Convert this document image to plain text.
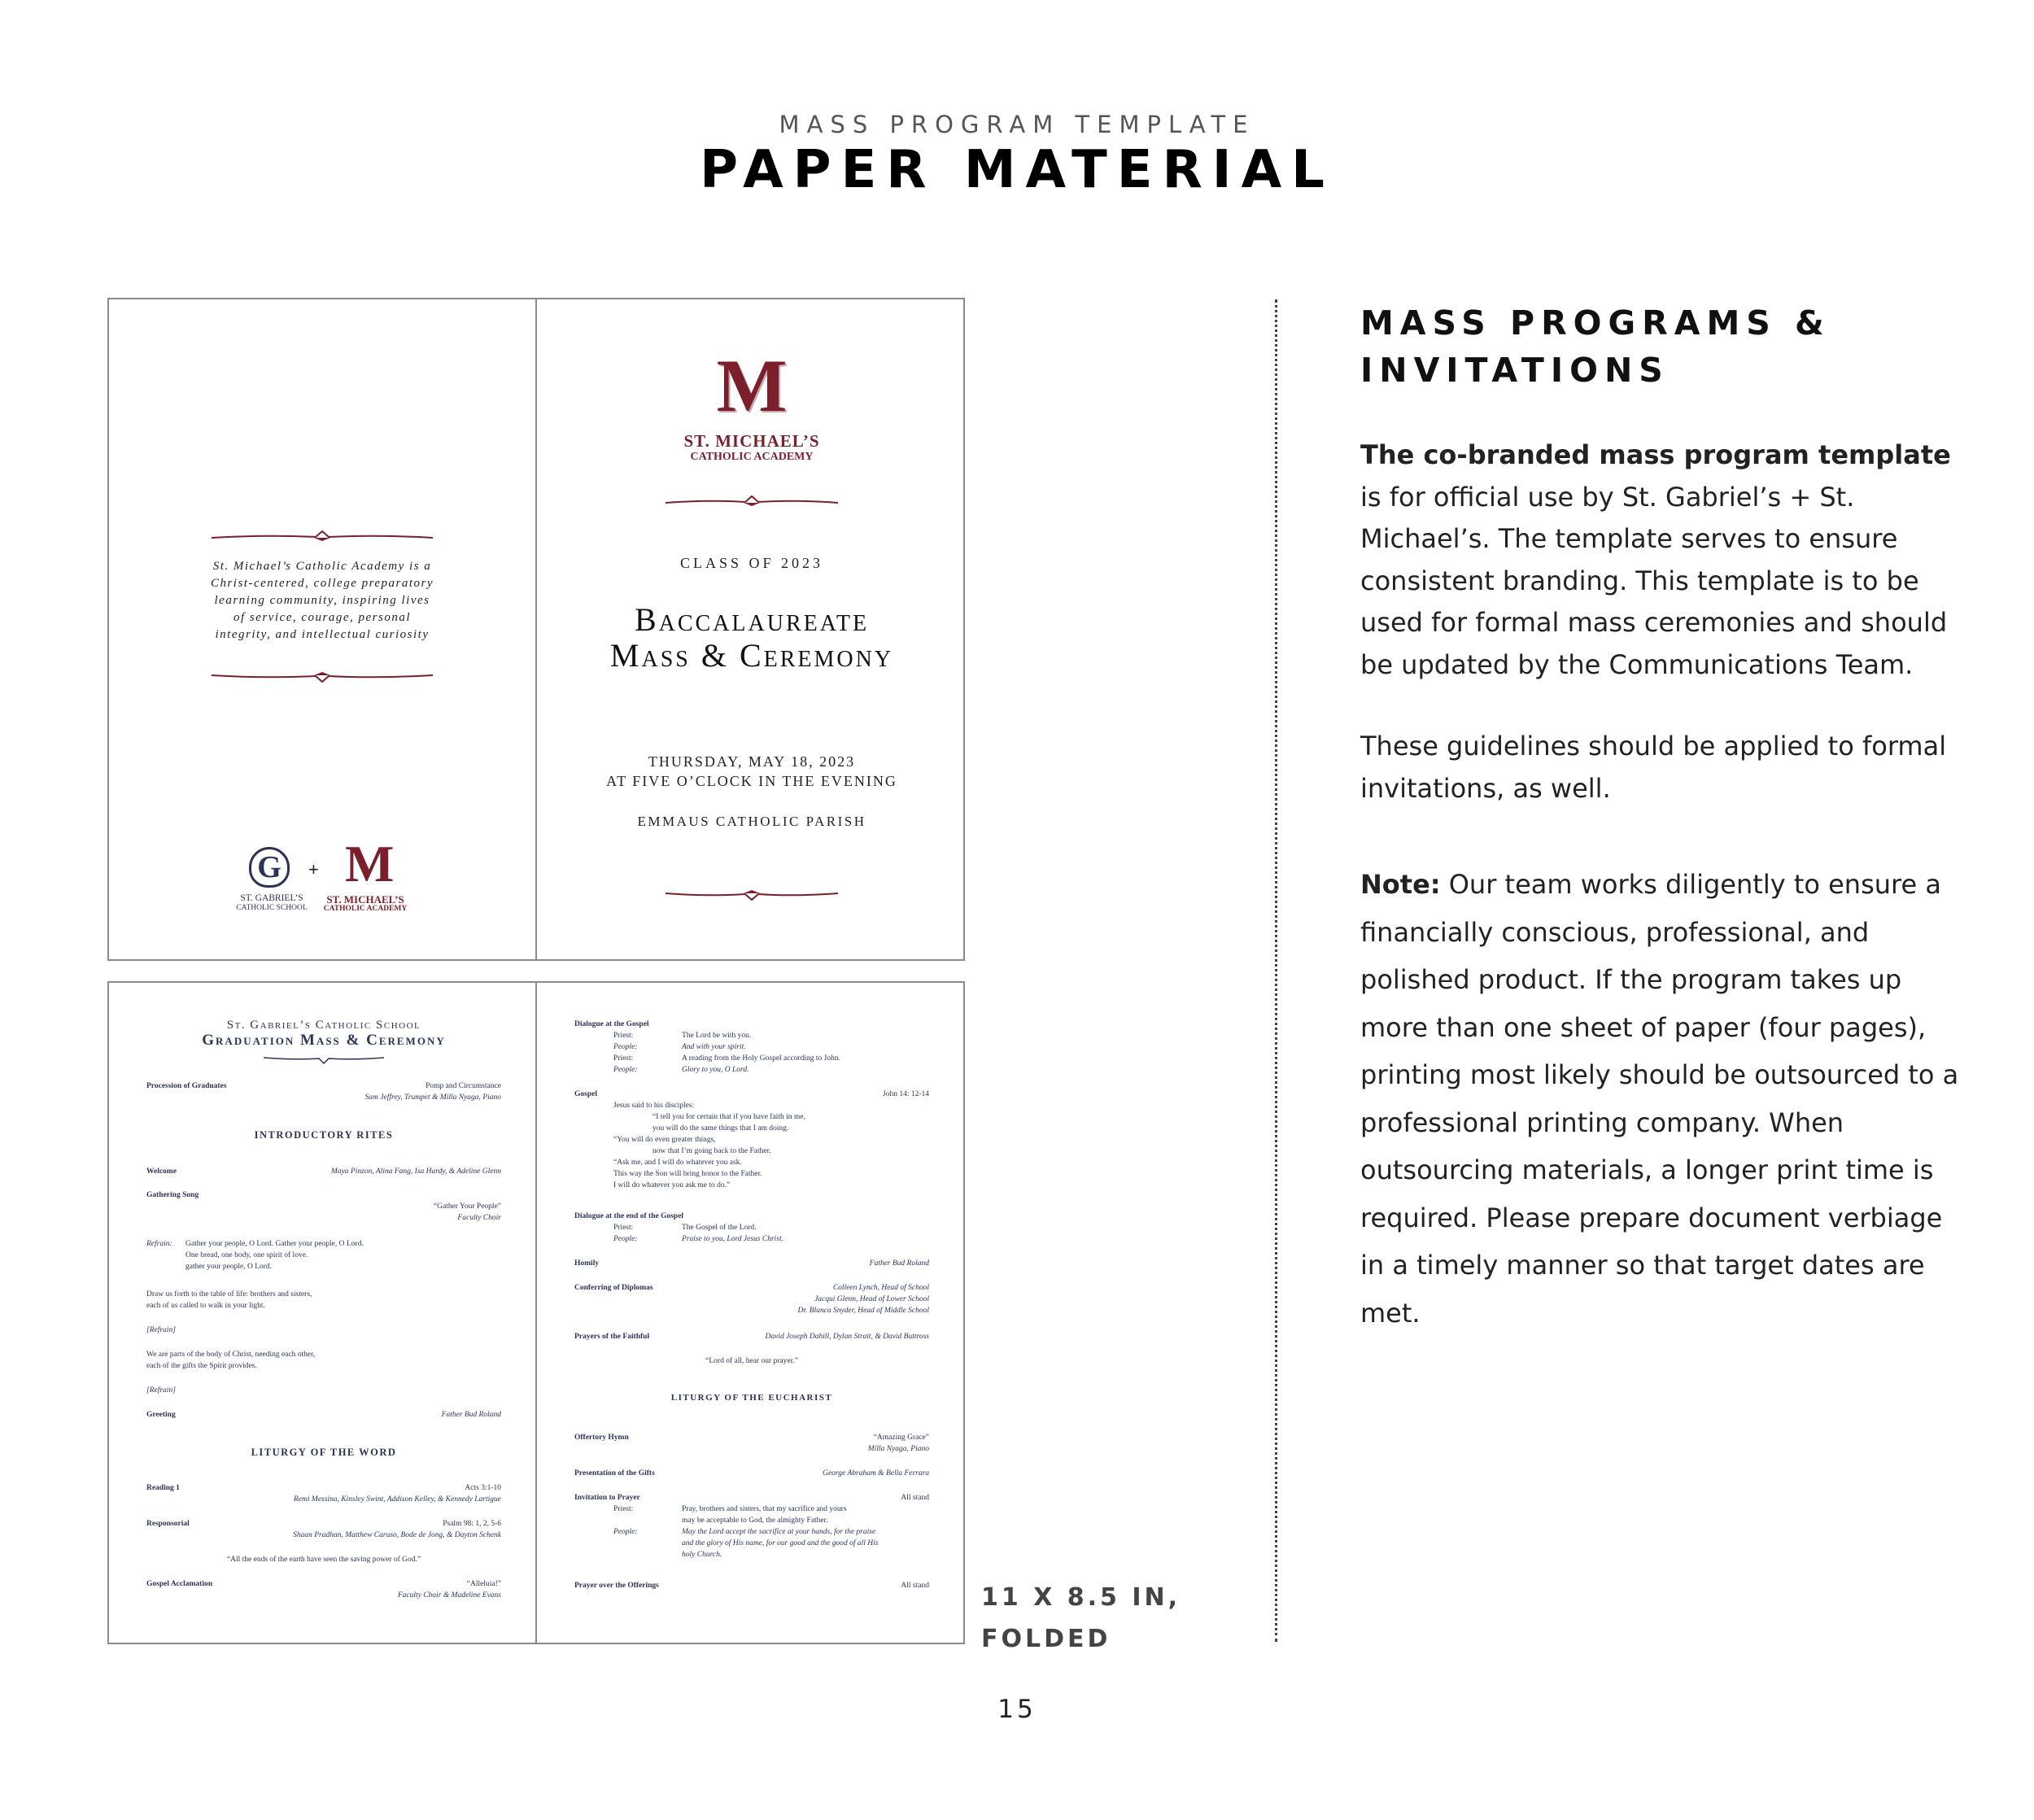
MASS PROGRAM TEMPLATE
PAPER MATERIAL
St. Michael’s Catholic Academy is a Christ-centered, college preparatory learning community, inspiring lives of service, courage, personal integrity, and intellectual curiosity
G	+ M
ST. GABRIEL’S
CATHOLIC SCHOOL
ST. MICHAEL’S
CATHOLIC ACADEMY
M
ST. MICHAEL’S
CATHOLIC ACADEMY
CLASS OF 2023
Baccalaureate
Mass & Ceremony
THURSDAY, MAY 18, 2023
AT FIVE O’CLOCK IN THE EVENING
EMMAUS CATHOLIC PARISH
St. Gabriel’s Catholic School
Graduation Mass & Ceremony
Procession of Graduates	Pomp and Circumstance
Sam Jeffrey, Trumpet & Milla Nyaga, Piano
INTRODUCTORY RITES
Welcome	Maya Pinzon, Alina Fang, Isa Hardy, & Adeline Glenn
Gathering Song
“Gather Your People”
Faculty Choir
Refrain: Gather your people, O Lord. Gather your people, O Lord.
One bread, one body, one spirit of love.
gather your people, O Lord.
Draw us forth to the table of life: brothers and sisters,
each of us called to walk in your light.
[Refrain]
We are parts of the body of Christ, needing each other,
each of the gifts the Spirit provides.
[Refrain]
Greeting	Father Bud Roland
LITURGY OF THE WORD
Reading 1	Acts 3:1-10
Remi Messina, Kinsley Swint, Addison Kelley, & Kennedy Lartigue
Responsorial	Psalm 98: 1, 2, 5-6
Shaan Pradhan, Matthew Caruso, Bode de Jong, & Dayton Schenk
“All the ends of the earth have seen the saving power of God.”
Gospel Acclamation	“Alleluia!”
Faculty Choir & Madeline Evans
Dialogue at the Gospel
Priest:	The Lord be with you.
People:	And with your spirit.
Priest:	A reading from the Holy Gospel according to John.
People:	Glory to you, O Lord.
Gospel	John 14: 12-14
Jesus said to his disciples:
“I tell you for certain that if you have faith in me,
you will do the same things that I am doing.
“You will do even greater things,
now that I’m going back to the Father.
“Ask me, and I will do whatever you ask.
This way the Son will bring honor to the Father.
I will do whatever you ask me to do.”
Dialogue at the end of the Gospel
Priest:	The Gospel of the Lord.
People:	Praise to you, Lord Jesus Christ.
Homily	Father Bud Roland
Conferring of Diplomas	Colleen Lynch, Head of School
Jacqui Glenn, Head of Lower School
Dr. Blanca Snyder, Head of Middle School
Prayers of the Faithful	David Joseph Dahill, Dylan Strait, & David Buttross
“Lord of all, hear our prayer.”
LITURGY OF THE EUCHARIST
Offertory Hymn	“Amazing Grace”
Milla Nyaga, Piano
Presentation of the Gifts	George Abraham & Bella Ferrara
Invitation to Prayer	All stand
Priest:	Pray, brothers and sisters, that my sacrifice and yours
may be acceptable to God, the almighty Father.
People:	May the Lord accept the sacrifice at your hands, for the praise
and the glory of His name, for our good and the good of all His
holy Church.
Prayer over the Offerings	All stand 11 X 8.5 IN,
FOLDED
MASS PROGRAMS &
INVITATIONS
The co-branded mass program template is for official use by St. Gabriel’s + St. Michael’s. The template serves to ensure consistent branding. This template is to be used for formal mass ceremonies and should be updated by the Communications Team.
These guidelines should be applied to formal invitations, as well.
Note: Our team works diligently to ensure a financially conscious, professional, and polished product. If the program takes up more than one sheet of paper (four pages), printing most likely should be outsourced to a professional printing company. When outsourcing materials, a longer print time is required. Please prepare document verbiage in a timely manner so that target dates are met.
15
